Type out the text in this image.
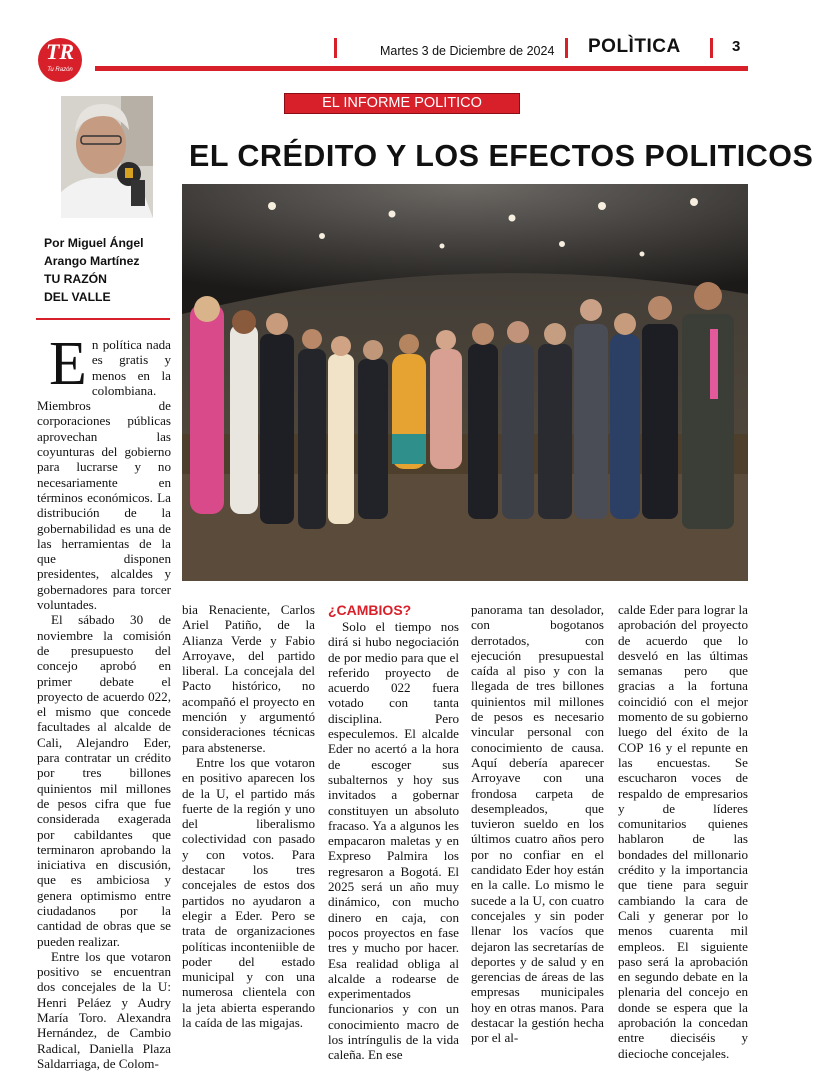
TR
Tu Razón
Martes 3 de Diciembre de 2024 POLÌTICA	3
Por Miguel Ángel
Arango Martínez
TU RAZÓN
DEL VALLE
EL INFORME POLITICO
EL CRÉDITO Y LOS EFECTOS POLITICOS
E n política nada es gratis y menos en la colombiana. Miembros de corporaciones públicas aprovechan las coyunturas del gobierno para lucrarse y no necesariamente en términos económicos. La distribución de la gobernabilidad es una de las herramientas de la que disponen presidentes, alcaldes y gobernadores para torcer voluntades.

El sábado 30 de noviembre la comisión de presupuesto del concejo aprobó en primer debate el proyecto de acuerdo 022, el mismo que concede facultades al alcalde de Cali, Alejandro Eder, para contratar un crédito por tres billones quinientos mil millones de pesos cifra que fue considerada exagerada por cabildantes que terminaron aprobando la iniciativa en discusión, que es ambiciosa y genera optimismo entre ciudadanos por la cantidad de obras que se pueden realizar.

Entre los que votaron positivo se encuentran dos concejales de la U: Henri Peláez y Audry María Toro. Alexandra Hernández, de Cambio Radical, Daniella Plaza Saldarriaga, de Colom-

bia Renaciente, Carlos Ariel Patiño, de la Alianza Verde y Fabio Arroyave, del partido liberal. La concejala del Pacto histórico, no acompañó el proyecto en mención y argumentó consideraciones técnicas para abstenerse.

Entre los que votaron en positivo aparecen los de la U, el partido más fuerte de la región y uno del liberalismo colectividad con pasado y con votos. Para destacar los tres concejales de estos dos partidos no ayudaron a elegir a Eder. Pero se trata de organizaciones políticas inconteniible de poder del estado municipal y con una numerosa clientela con la jeta abierta esperando la caída de las migajas.

¿CAMBIOS?

Solo el tiempo nos dirá si hubo negociación de por medio para que el referido proyecto de acuerdo 022 fuera votado con tanta disciplina. Pero especulemos. El alcalde Eder no acertó a la hora de escoger sus subalternos y hoy sus invitados a gobernar constituyen un absoluto fracaso. Ya a algunos les empacaron maletas y en Expreso Palmira los regresaron a Bogotá. El 2025 será un año muy dinámico, con mucho dinero en caja, con pocos proyectos en fase tres y mucho por hacer. Esa realidad obliga al alcalde a rodearse de experimentados funcionarios y con un conocimiento macro de los intríngulis de la vida caleña. En ese

panorama tan desolador, con bogotanos derrotados, con ejecución presupuestal caída al piso y con la llegada de tres billones quinientos mil millones de pesos es necesario vincular personal con conocimiento de causa. Aquí debería aparecer Arroyave con una frondosa carpeta de desempleados, que tuvieron sueldo en los últimos cuatro años pero por no confiar en el candidato Eder hoy están en la calle. Lo mismo le sucede a la U, con cuatro concejales y sin poder llenar los vacíos que dejaron las secretarías de deportes y de salud y en gerencias de áreas de las empresas municipales hoy en otras manos. Para destacar la gestión hecha por el al-

calde Eder para lograr la aprobación del proyecto de acuerdo que lo desveló en las últimas semanas pero que gracias a la fortuna coincidió con el mejor momento de su gobierno luego del éxito de la COP 16 y el repunte en las encuestas. Se escucharon voces de respaldo de empresarios y de líderes comunitarios quienes hablaron de las bondades del millonario crédito y la importancia que tiene para seguir cambiando la cara de Cali y generar por lo menos cuarenta mil empleos. El siguiente paso será la aprobación en segundo debate en la plenaria del concejo en donde se espera que la aprobación la concedan entre dieciséis y diecioche concejales.
